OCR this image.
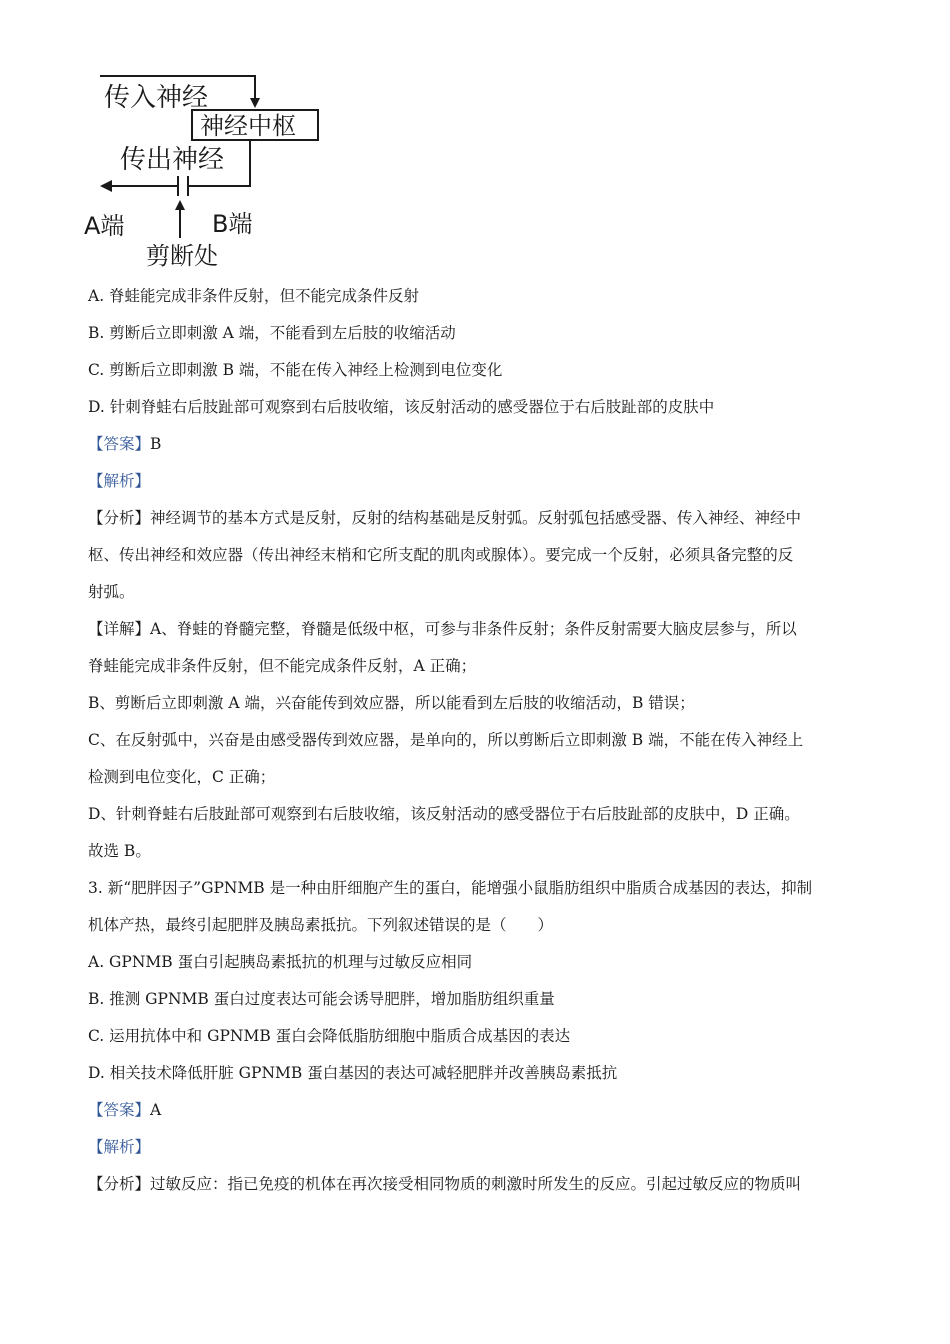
传入神经
神经中枢
传出神经
A端	B端
剪断处
A. 脊蛙能完成非条件反射，但不能完成条件反射
B. 剪断后立即刺激 A 端，不能看到左后肢的收缩活动
C. 剪断后立即刺激 B 端，不能在传入神经上检测到电位变化
D. 针刺脊蛙右后肢趾部可观察到右后肢收缩，该反射活动的感受器位于右后肢趾部的皮肤中
【答案】B
【解析】
【分析】神经调节的基本方式是反射，反射的结构基础是反射弧。反射弧包括感受器、传入神经、神经中
枢、传出神经和效应器（传出神经末梢和它所支配的肌肉或腺体）。要完成一个反射，必须具备完整的反
射弧。
【详解】A、脊蛙的脊髓完整，脊髓是低级中枢，可参与非条件反射；条件反射需要大脑皮层参与，所以
脊蛙能完成非条件反射，但不能完成条件反射，A 正确；
B、剪断后立即刺激 A 端，兴奋能传到效应器，所以能看到左后肢的收缩活动，B 错误；
C、在反射弧中，兴奋是由感受器传到效应器，是单向的，所以剪断后立即刺激 B 端，不能在传入神经上
检测到电位变化，C 正确；
D、针刺脊蛙右后肢趾部可观察到右后肢收缩，该反射活动的感受器位于右后肢趾部的皮肤中，D 正确。
故选 B。
3. 新“肥胖因子”GPNMB 是一种由肝细胞产生的蛋白，能增强小鼠脂肪组织中脂质合成基因的表达，抑制
机体产热，最终引起肥胖及胰岛素抵抗。下列叙述错误的是（　　）
A. GPNMB 蛋白引起胰岛素抵抗的机理与过敏反应相同
B. 推测 GPNMB 蛋白过度表达可能会诱导肥胖，增加脂肪组织重量
C. 运用抗体中和 GPNMB 蛋白会降低脂肪细胞中脂质合成基因的表达
D. 相关技术降低肝脏 GPNMB 蛋白基因的表达可减轻肥胖并改善胰岛素抵抗
【答案】A
【解析】
【分析】过敏反应：指已免疫的机体在再次接受相同物质的刺激时所发生的反应。引起过敏反应的物质叫
